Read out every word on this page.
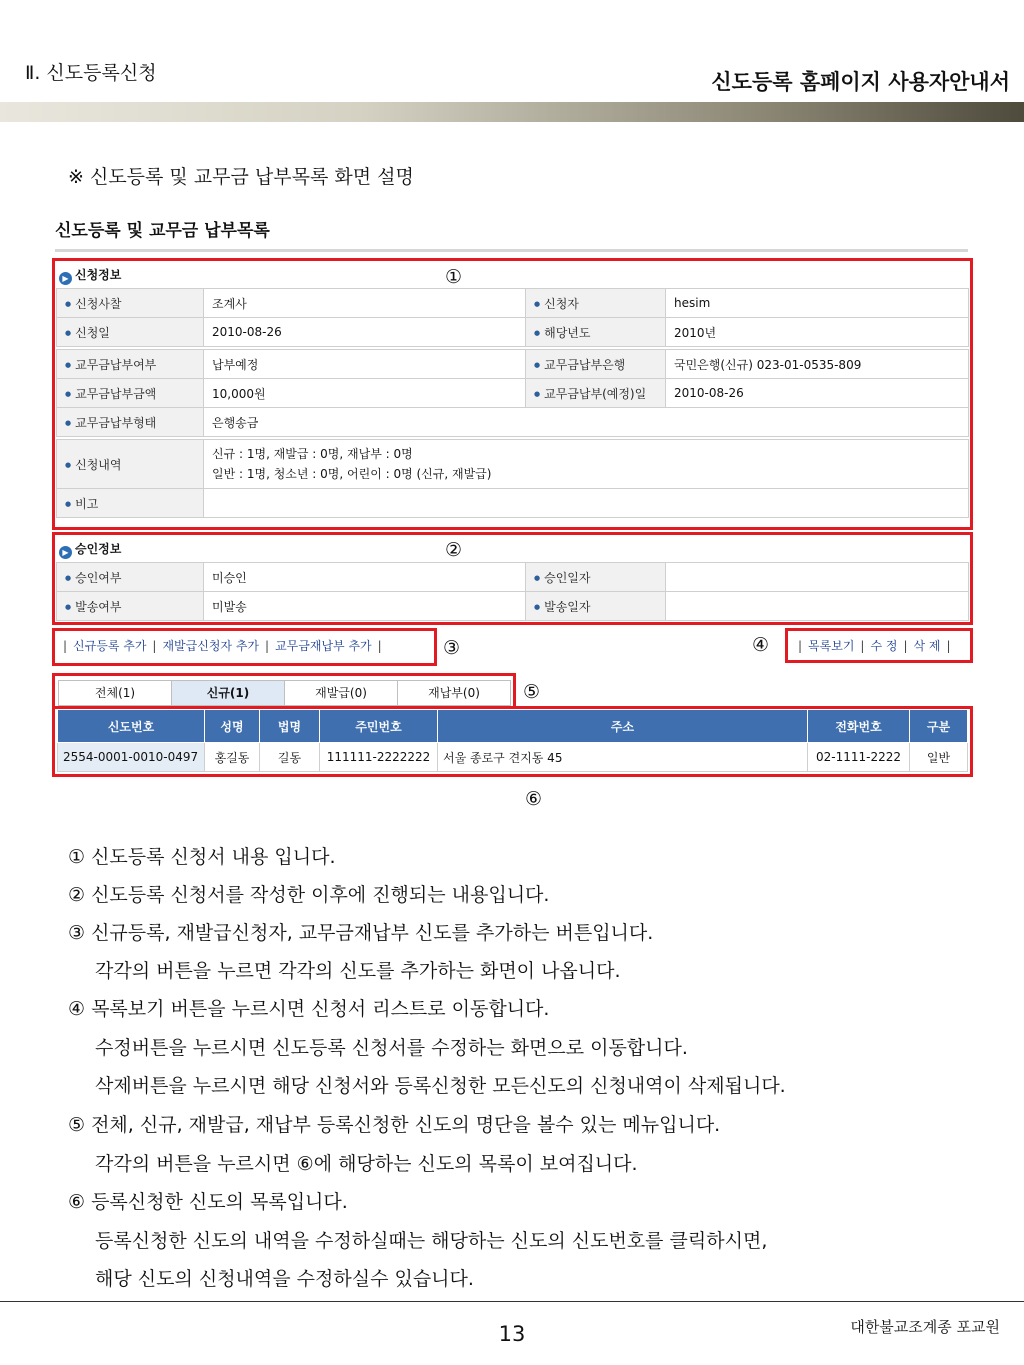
Ⅱ. 신도등록신청	신도등록 홈페이지 사용자안내서
※ 신도등록 및 교무금 납부목록 화면 설명
신도등록 및 교무금 납부목록
▶ 신청정보
● 신청사찰	조계사	● 신청자	hesim
● 신청일	2010-08-26	● 해당년도	2010년

● 교무금납부여부	납부예정	● 교무금납부은행	국민은행(신규) 023-01-0535-809
● 교무금납부금액	10,000원	● 교무금납부(예정)일	2010-08-26
● 교무금납부형태	은행송금		

● 신청내역	신규 : 1명, 재발급 : 0명, 재납부 : 0명
일반 : 1명, 청소년 : 0명, 어린이 : 0명 (신규, 재발급)		

● 비고	
①
▶ 승인정보
● 승인여부	미승인	● 승인일자	
● 발송여부	미발송	● 발송일자	
②
| 신규등록 추가 | 재발급신청자 추가 | 교무금재납부 추가 |	③	| 목록보기 | 수 정 | 삭 제 |
④
전체(1)	신규(1)	재발급(0)	재납부(0)	⑤
신도번호	성명	법명	주민번호	주소	전화번호	구분
2554-0001-0010-0497	홍길동	길동	111111-2222222	서울 종로구 견지동 45	02-1111-2222	일반
⑥
① 신도등록 신청서 내용 입니다.
② 신도등록 신청서를 작성한 이후에 진행되는 내용입니다.
③ 신규등록, 재발급신청자, 교무금재납부 신도를 추가하는 버튼입니다.
각각의 버튼을 누르면 각각의 신도를 추가하는 화면이 나옵니다.
④ 목록보기 버튼을 누르시면 신청서 리스트로 이동합니다.
수정버튼을 누르시면 신도등록 신청서를 수정하는 화면으로 이동합니다.
삭제버튼을 누르시면 해당 신청서와 등록신청한 모든신도의 신청내역이 삭제됩니다.
⑤ 전체, 신규, 재발급, 재납부 등록신청한 신도의 명단을 볼수 있는 메뉴입니다.
각각의 버튼을 누르시면 ⑥에 해당하는 신도의 목록이 보여집니다.
⑥ 등록신청한 신도의 목록입니다.
등록신청한 신도의 내역을 수정하실때는 해당하는 신도의 신도번호를 클릭하시면,
해당 신도의 신청내역을 수정하실수 있습니다.
13	대한불교조계종 포교원
